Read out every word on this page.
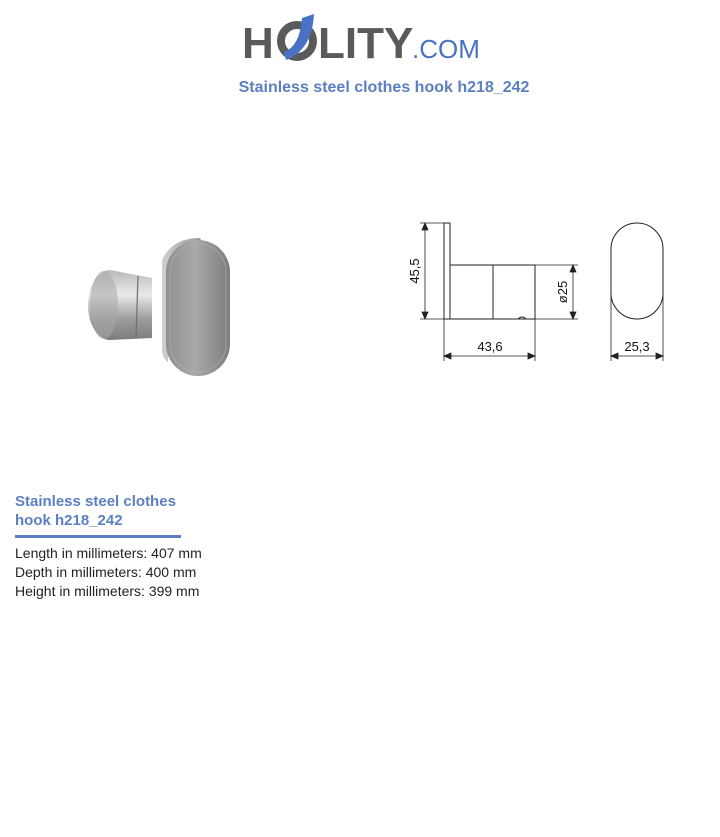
H LITY
.COM
Stainless steel clothes hook h218_242
45,5
ø25
43,6	25,3
Stainless steel clothes hook h218_242
Length in millimeters: 407 mm
Depth in millimeters: 400 mm
Height in millimeters: 399 mm
